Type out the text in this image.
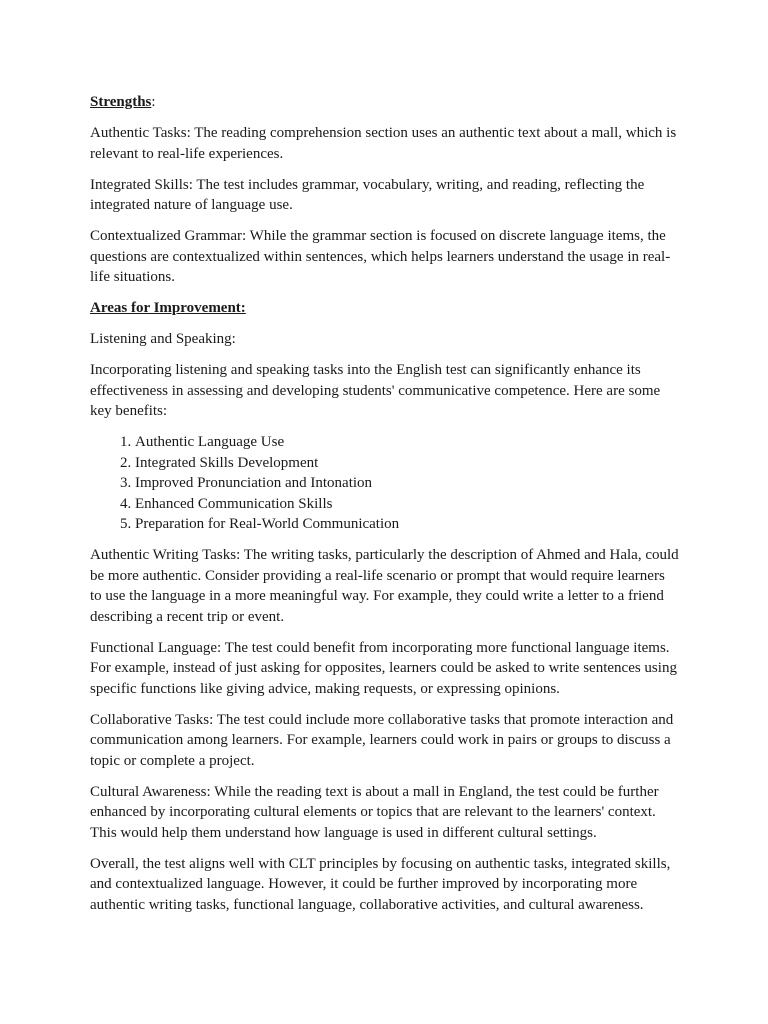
Strengths:

Authentic Tasks: The reading comprehension section uses an authentic text about a mall, which is relevant to real-life experiences.

Integrated Skills: The test includes grammar, vocabulary, writing, and reading, reflecting the integrated nature of language use.

Contextualized Grammar: While the grammar section is focused on discrete language items, the questions are contextualized within sentences, which helps learners understand the usage in real-life situations.

Areas for Improvement:

Listening and Speaking:

Incorporating listening and speaking tasks into the English test can significantly enhance its effectiveness in assessing and developing students' communicative competence. Here are some key benefits:

1. Authentic Language Use
2. Integrated Skills Development
3. Improved Pronunciation and Intonation
4. Enhanced Communication Skills
5. Preparation for Real-World Communication

Authentic Writing Tasks: The writing tasks, particularly the description of Ahmed and Hala, could be more authentic. Consider providing a real-life scenario or prompt that would require learners to use the language in a more meaningful way. For example, they could write a letter to a friend describing a recent trip or event.

Functional Language: The test could benefit from incorporating more functional language items. For example, instead of just asking for opposites, learners could be asked to write sentences using specific functions like giving advice, making requests, or expressing opinions.

Collaborative Tasks: The test could include more collaborative tasks that promote interaction and communication among learners. For example, learners could work in pairs or groups to discuss a topic or complete a project.

Cultural Awareness: While the reading text is about a mall in England, the test could be further enhanced by incorporating cultural elements or topics that are relevant to the learners' context. This would help them understand how language is used in different cultural settings.

Overall, the test aligns well with CLT principles by focusing on authentic tasks, integrated skills, and contextualized language. However, it could be further improved by incorporating more authentic writing tasks, functional language, collaborative activities, and cultural awareness.
